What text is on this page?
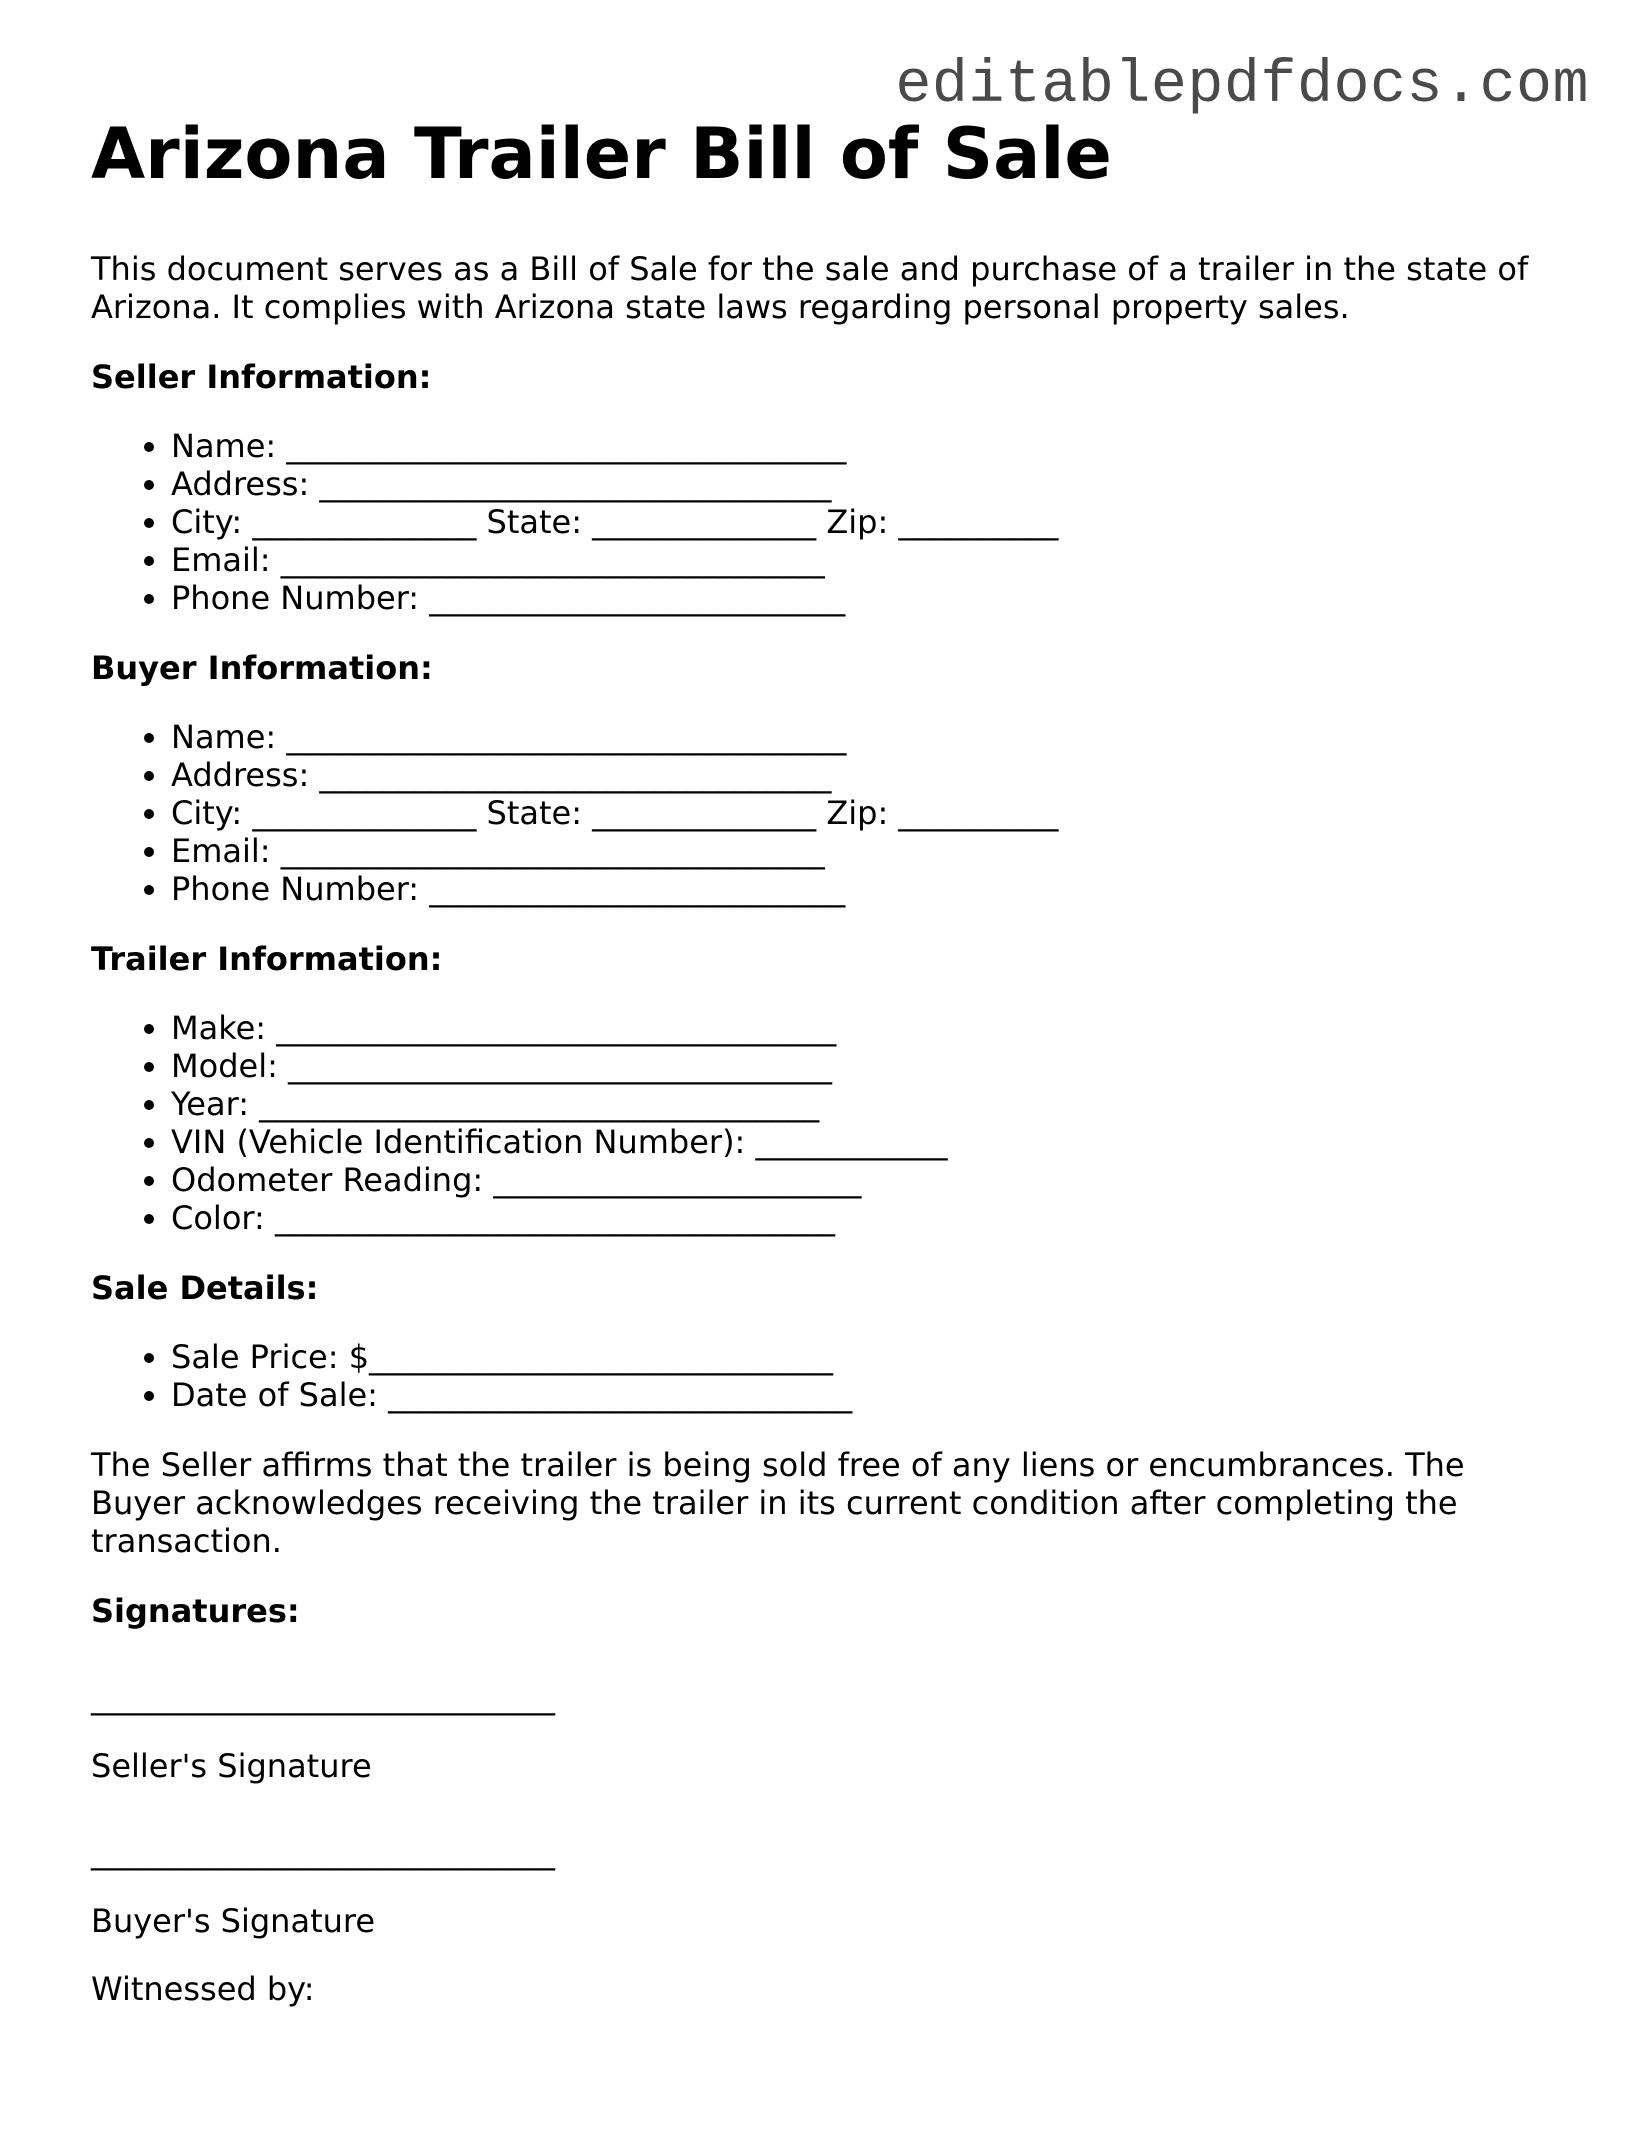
editablepdfdocs.com
Arizona Trailer Bill of Sale

This document serves as a Bill of Sale for the sale and purchase of a trailer in the state of Arizona. It complies with Arizona state laws regarding personal property sales.

Seller Information:
• Name: ___________________________________
• Address: ________________________________
• City: ______________ State: ______________ Zip: __________
• Email: __________________________________
• Phone Number: __________________________
Buyer Information:
• Name: ___________________________________
• Address: ________________________________
• City: ______________ State: ______________ Zip: __________
• Email: __________________________________
• Phone Number: __________________________
Trailer Information:
• Make: ___________________________________
• Model: __________________________________
• Year: ___________________________________
• VIN (Vehicle Identification Number): ____________
• Odometer Reading: _______________________
• Color: ___________________________________
Sale Details:
• Sale Price: $_____________________________
• Date of Sale: _____________________________

The Seller affirms that the trailer is being sold free of any liens or encumbrances. The Buyer acknowledges receiving the trailer in its current condition after completing the transaction.

Signatures:
_____________________________
Seller's Signature
_____________________________
Buyer's Signature
Witnessed by:
